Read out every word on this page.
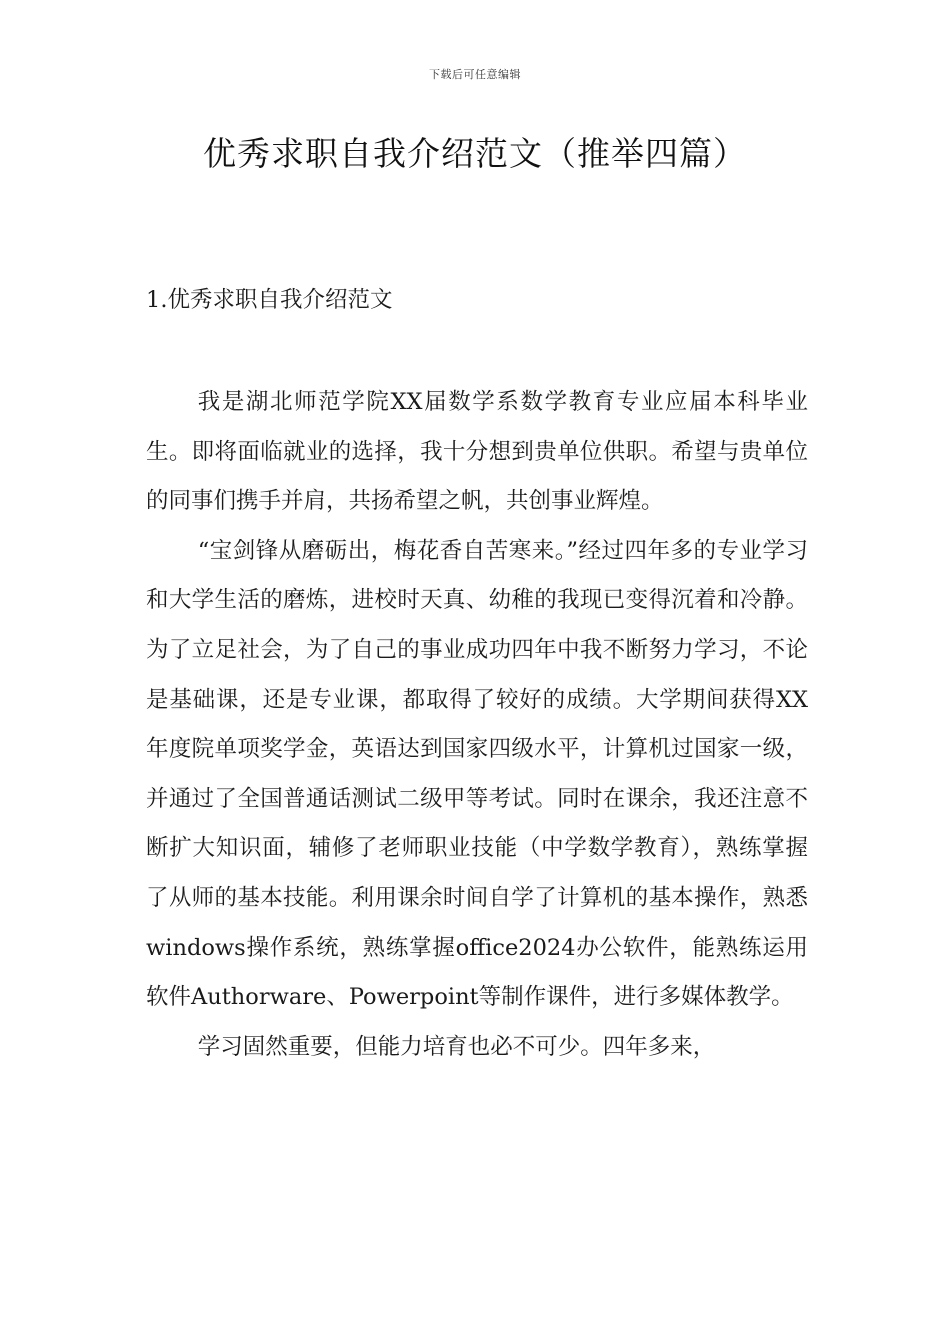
下载后可任意编辑
优秀求职自我介绍范文（推举四篇）
1.优秀求职自我介绍范文

我是湖北师范学院XX届数学系数学教育专业应届本科毕业生。即将面临就业的选择，我十分想到贵单位供职。希望与贵单位的同事们携手并肩，共扬希望之帆，共创事业辉煌。

“宝剑锋从磨砺出，梅花香自苦寒来。”经过四年多的专业学习和大学生活的磨炼，进校时天真、幼稚的我现已变得沉着和冷静。为了立足社会，为了自己的事业成功四年中我不断努力学习，不论是基础课，还是专业课，都取得了较好的成绩。大学期间获得XX年度院单项奖学金，英语达到国家四级水平，计算机过国家一级，并通过了全国普通话测试二级甲等考试。同时在课余，我还注意不断扩大知识面，辅修了老师职业技能（中学数学教育），熟练掌握了从师的基本技能。利用课余时间自学了计算机的基本操作，熟悉windows操作系统，熟练掌握office2024办公软件，能熟练运用软件Authorware、Powerpoint等制作课件，进行多媒体教学。

学习固然重要，但能力培育也必不可少。四年多来，
